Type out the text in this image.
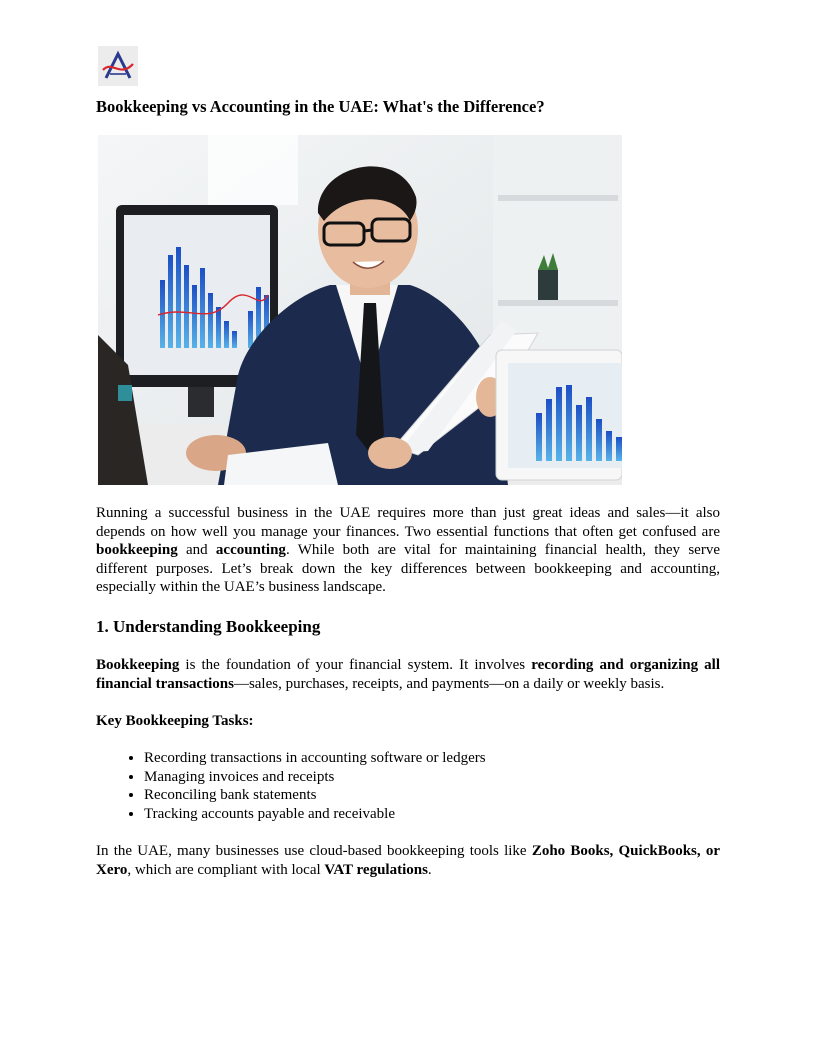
Bookkeeping vs Accounting in the UAE: What's the Difference?

Running a successful business in the UAE requires more than just great ideas and sales—it also depends on how well you manage your finances. Two essential functions that often get confused are bookkeeping and accounting. While both are vital for maintaining financial health, they serve different purposes. Let’s break down the key differences between bookkeeping and accounting, especially within the UAE’s business landscape.

1. Understanding Bookkeeping

Bookkeeping is the foundation of your financial system. It involves recording and organizing all financial transactions—sales, purchases, receipts, and payments—on a daily or weekly basis.

Key Bookkeeping Tasks:

• Recording transactions in accounting software or ledgers
• Managing invoices and receipts
• Reconciling bank statements
• Tracking accounts payable and receivable

In the UAE, many businesses use cloud-based bookkeeping tools like Zoho Books, QuickBooks, or Xero, which are compliant with local VAT regulations.
